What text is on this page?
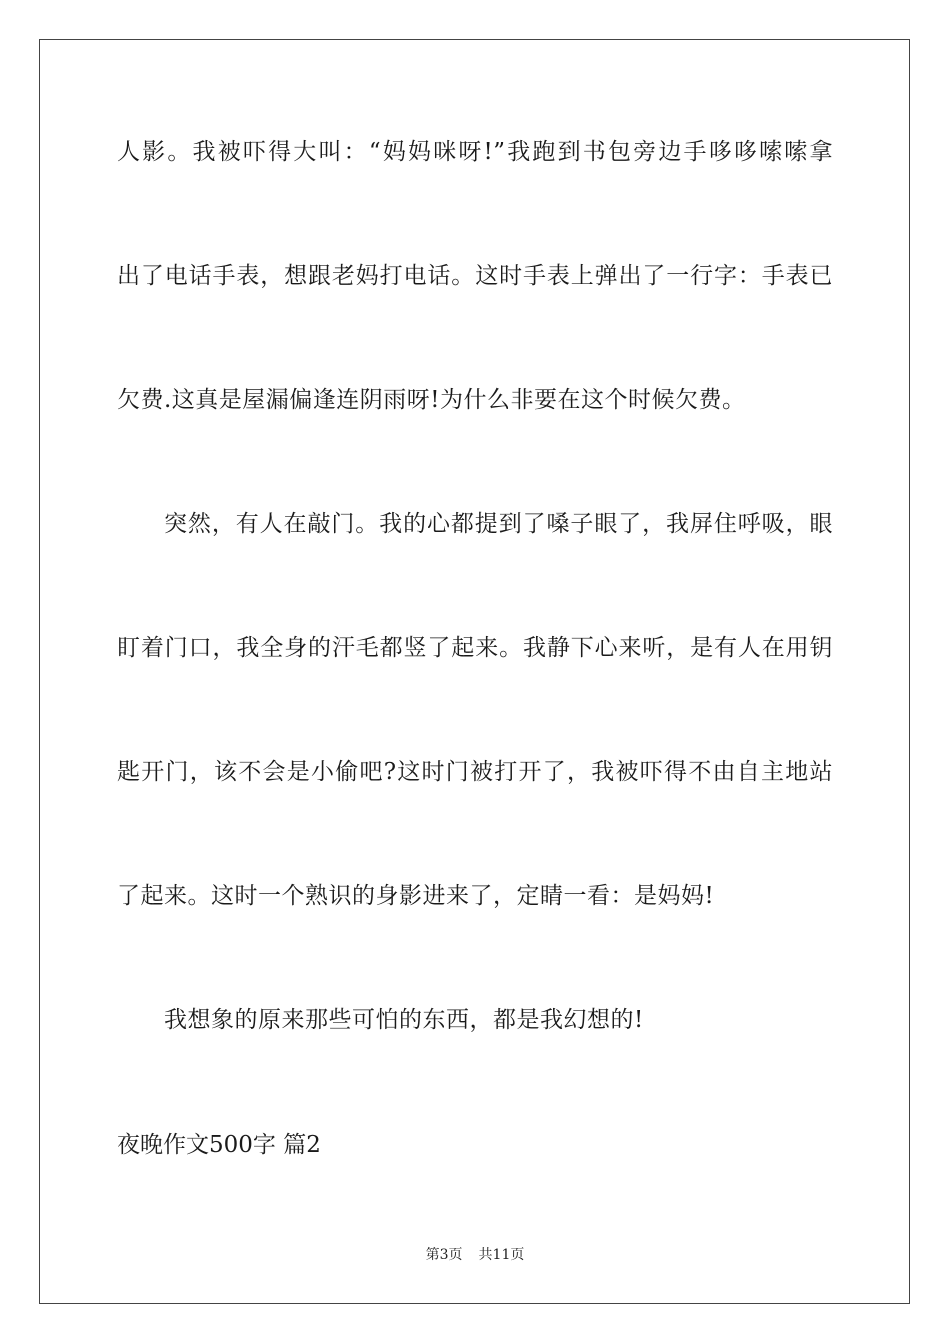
人影。我被吓得大叫：“妈妈咪呀!”我跑到书包旁边手哆哆嗦嗦拿
出了电话手表，想跟老妈打电话。这时手表上弹出了一行字：手表已
欠费.这真是屋漏偏逢连阴雨呀!为什么非要在这个时候欠费。
突然，有人在敲门。我的心都提到了嗓子眼了，我屏住呼吸，眼
盯着门口，我全身的汗毛都竖了起来。我静下心来听，是有人在用钥
匙开门，该不会是小偷吧?这时门被打开了，我被吓得不由自主地站
了起来。这时一个熟识的身影进来了，定睛一看：是妈妈!
我想象的原来那些可怕的东西，都是我幻想的!
夜晚作文500字 篇2
第3页 共11页
